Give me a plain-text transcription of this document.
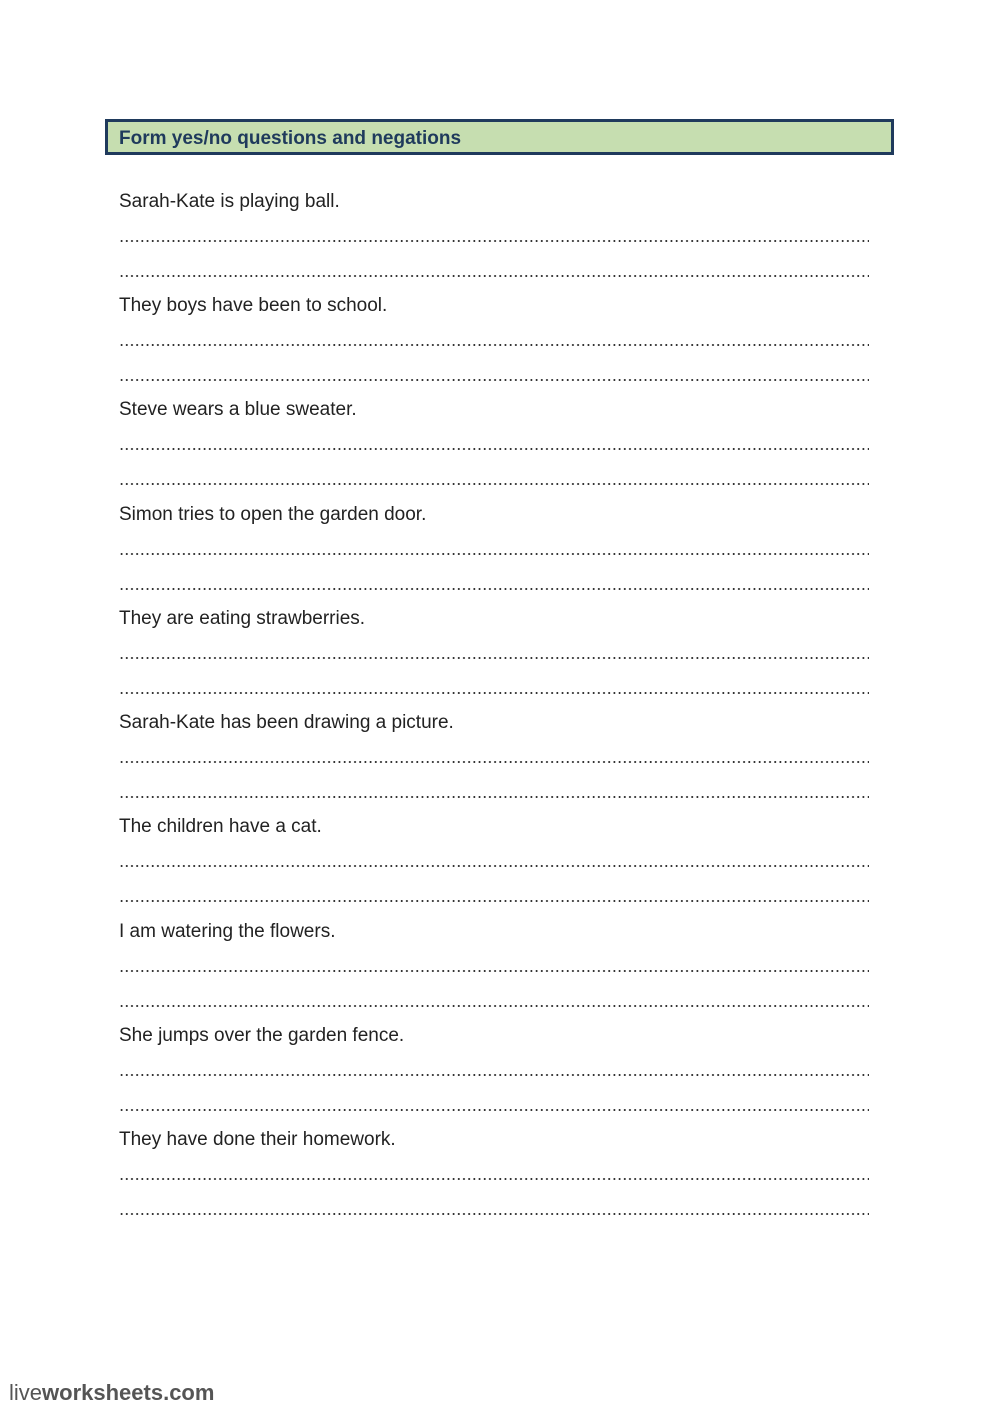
Form yes/no questions and negations
Sarah-Kate is playing ball.
They boys have been to school.
Steve wears a blue sweater.
Simon tries to open the garden door.
They are eating strawberries.
Sarah-Kate has been drawing a picture.
The children have a cat.
I am watering the flowers.
She jumps over the garden fence.
They have done their homework.
liveworksheets.com
